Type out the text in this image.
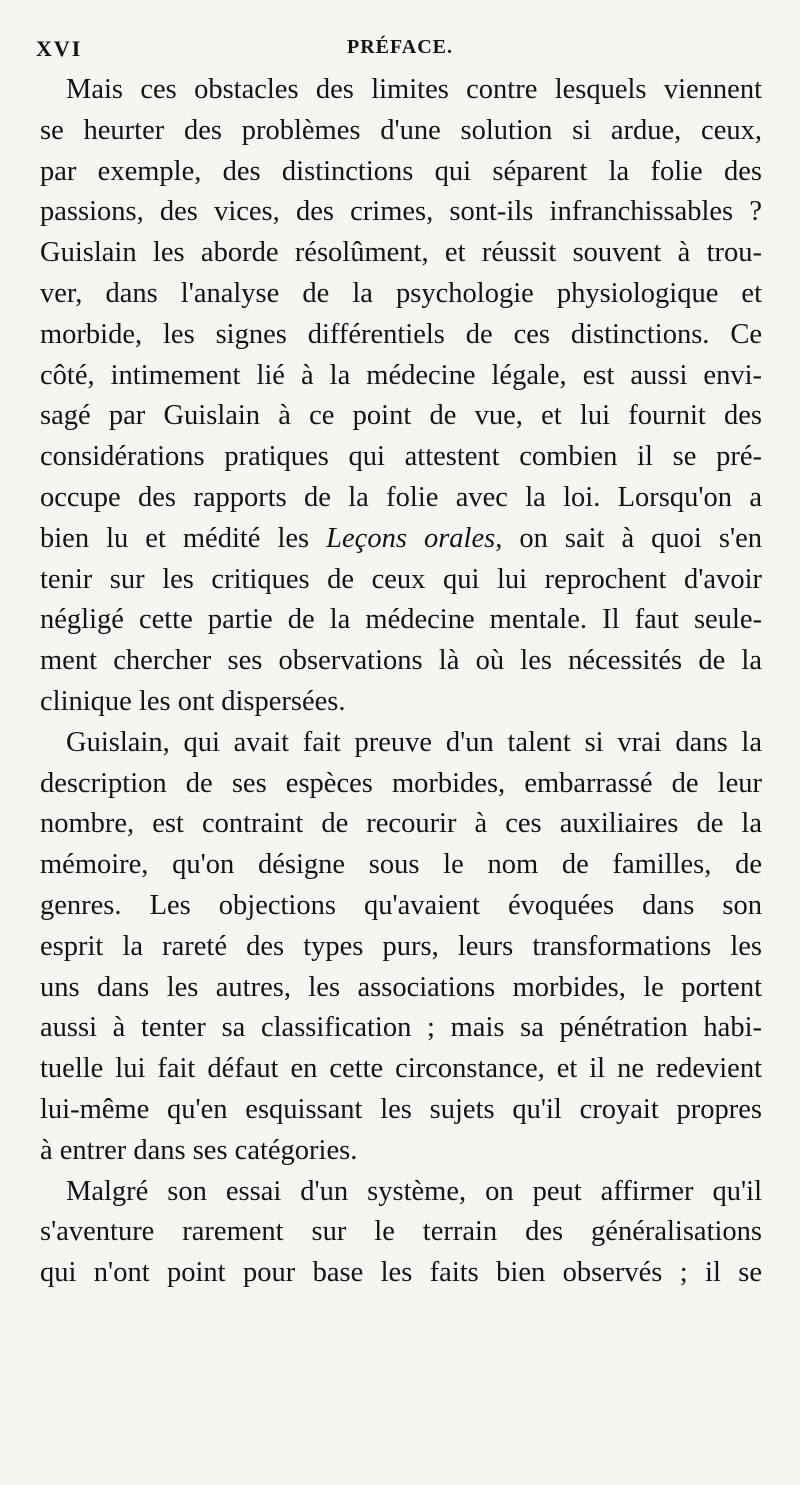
XVI	PRÉFACE.
Mais ces obstacles des limites contre lesquels viennent
se heurter des problèmes d'une solution si ardue, ceux,
par exemple, des distinctions qui séparent la folie des
passions, des vices, des crimes, sont-ils infranchissables ?
Guislain les aborde résolûment, et réussit souvent à trou-
ver, dans l'analyse de la psychologie physiologique et
morbide, les signes différentiels de ces distinctions. Ce
côté, intimement lié à la médecine légale, est aussi envi-
sagé par Guislain à ce point de vue, et lui fournit des
considérations pratiques qui attestent combien il se pré-
occupe des rapports de la folie avec la loi. Lorsqu'on a
bien lu et médité les Leçons orales, on sait à quoi s'en
tenir sur les critiques de ceux qui lui reprochent d'avoir
négligé cette partie de la médecine mentale. Il faut seule-
ment chercher ses observations là où les nécessités de la
clinique les ont dispersées.
Guislain, qui avait fait preuve d'un talent si vrai dans la
description de ses espèces morbides, embarrassé de leur
nombre, est contraint de recourir à ces auxiliaires de la
mémoire, qu'on désigne sous le nom de familles, de
genres. Les objections qu'avaient évoquées dans son
esprit la rareté des types purs, leurs transformations les
uns dans les autres, les associations morbides, le portent
aussi à tenter sa classification ; mais sa pénétration habi-
tuelle lui fait défaut en cette circonstance, et il ne redevient
lui-même qu'en esquissant les sujets qu'il croyait propres
à entrer dans ses catégories.
Malgré son essai d'un système, on peut affirmer qu'il
s'aventure rarement sur le terrain des généralisations
qui n'ont point pour base les faits bien observés ; il se
